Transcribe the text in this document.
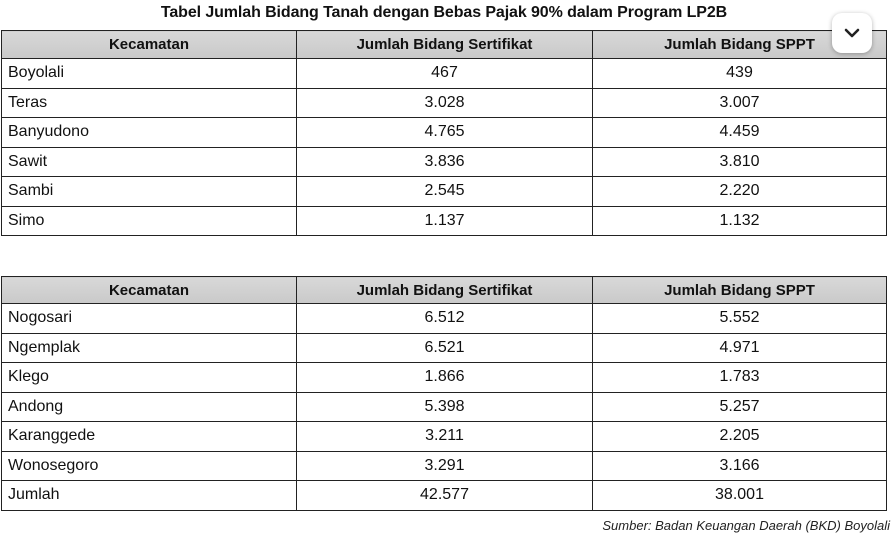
Tabel Jumlah Bidang Tanah dengan Bebas Pajak 90% dalam Program LP2B
Kecamatan	Jumlah Bidang Sertifikat	Jumlah Bidang SPPT
Boyolali	467	439
Teras	3.028	3.007
Banyudono	4.765	4.459
Sawit	3.836	3.810
Sambi	2.545	2.220
Simo	1.137	1.132
Kecamatan	Jumlah Bidang Sertifikat	Jumlah Bidang SPPT
Nogosari	6.512	5.552
Ngemplak	6.521	4.971
Klego	1.866	1.783
Andong	5.398	5.257
Karanggede	3.211	2.205
Wonosegoro	3.291	3.166
Jumlah	42.577	38.001
Sumber: Badan Keuangan Daerah (BKD) Boyolali
